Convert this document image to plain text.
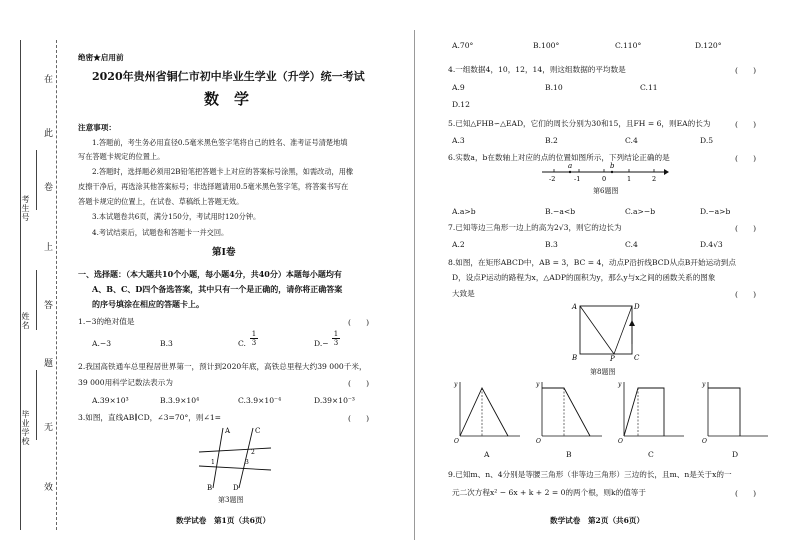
考生号
姓名
毕业学校
在
此
卷
上
答
题
无
效
绝密★启用前
2020年贵州省铜仁市初中毕业生学业（升学）统一考试
数　学
注意事项：
1.答题前，考生务必用直径0.5毫米黑色签字笔将自己的姓名、准考证号清楚地填
写在答题卡规定的位置上。
2.答题时，选择题必须用2B铅笔把答题卡上对应的答案标号涂黑，如需改动，用橡
皮擦干净后，再选涂其他答案标号；非选择题请用0.5毫米黑色签字笔，将答案书写在
答题卡规定的位置上，在试卷、草稿纸上答题无效。
3.本试题卷共6页，满分150分，考试用时120分钟。
4.考试结束后，试题卷和答题卡一并交回。
第Ⅰ卷
一、选择题：（本大题共10个小题，每小题4分，共40分）本题每小题均有
A、B、C、D四个备选答案，其中只有一个是正确的，请你将正确答案
的序号填涂在相应的答题卡上。
1.−3的绝对值是	(　　)
A.−3	B.3	C.
1

3	D.−
1

3
2.我国高铁通车总里程居世界第一，预计到2020年底，高铁总里程大约39 000千米，
39 000用科学记数法表示为	(　　)
A.39×10³	B.3.9×10⁴	C.3.9×10⁻⁴	D.39×10⁻³
3.如图，直线AB∥CD，∠3=70°，则∠1=	(　　)
A	C
1
2
3
B	D
第3题图
数学试卷　第1页（共6页）
A.70°	B.100°	C.110°	D.120°
4.一组数据4，10，12，14，则这组数据的平均数是	(　　)
A.9	B.10	C.11
D.12
5.已知△FHB∽△EAD，它们的周长分别为30和15，且FH = 6，则EA的长为	(　　)
A.3	B.2	C.4	D.5
6.实数a，b在数轴上对应的点的位置如图所示，下列结论正确的是	(　　)
a	b
-2	-1	0	1	2
第6题图
A.a>b	B.−a<b	C.a>−b	D.−a>b
7.已知等边三角形一边上的高为2√3，则它的边长为	(　　)
A.2	B.3	C.4	D.4√3
8.如图，在矩形ABCD中，AB = 3，BC = 4，动点P沿折线BCD从点B开始运动到点
D，设点P运动的路程为x，△ADP的面积为y，那么y与x之间的函数关系的图象
大致是	(　　)
A	D
B	P	C
第8题图
y
O
y
O
y
O
y
O
A	B	C	D
9.已知m、n、4分别是等腰三角形（非等边三角形）三边的长，且m、n是关于x的一
元二次方程x² − 6x + k + 2 = 0的两个根，则k的值等于	(　　)
数学试卷　第2页（共6页）
